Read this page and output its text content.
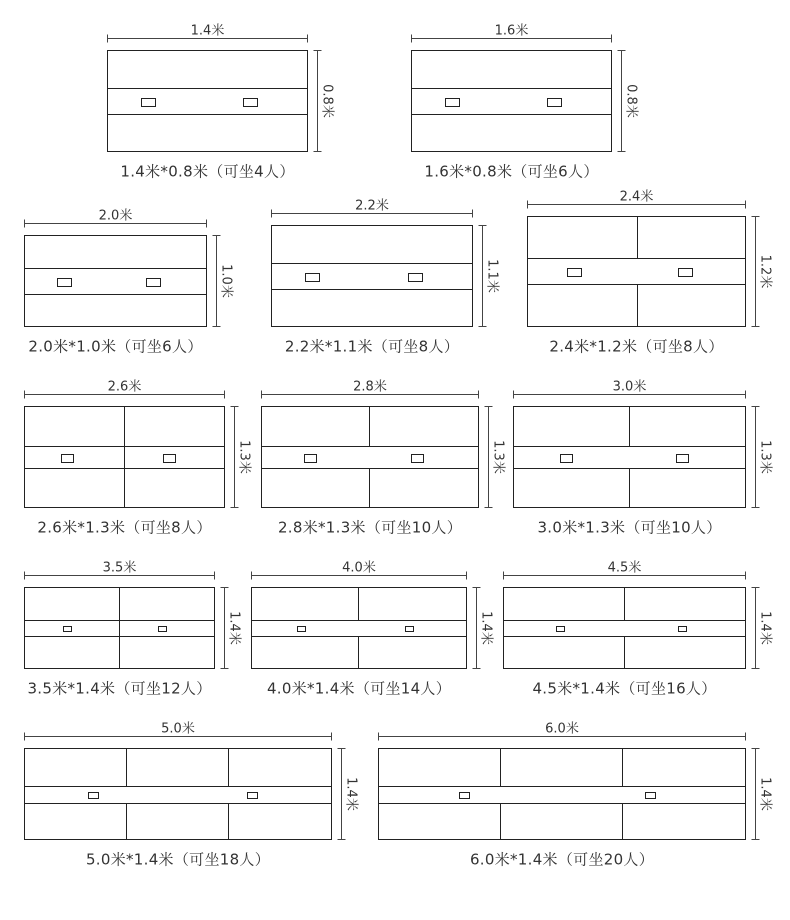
1.4米
0.8米
1.4米*0.8米（可坐4人）
1.6米
0.8米
1.6米*0.8米（可坐6人）
2.0米
1.0米
2.0米*1.0米（可坐6人）
2.2米
1.1米
2.2米*1.1米（可坐8人）
2.4米
1.2米
2.4米*1.2米（可坐8人）
2.6米
1.3米
2.6米*1.3米（可坐8人）
2.8米
1.3米
2.8米*1.3米（可坐10人）
3.0米
1.3米
3.0米*1.3米（可坐10人）
3.5米
1.4米
3.5米*1.4米（可坐12人）
4.0米
1.4米
4.0米*1.4米（可坐14人）
4.5米
1.4米
4.5米*1.4米（可坐16人）
5.0米
1.4米
5.0米*1.4米（可坐18人）
6.0米
1.4米
6.0米*1.4米（可坐20人）
